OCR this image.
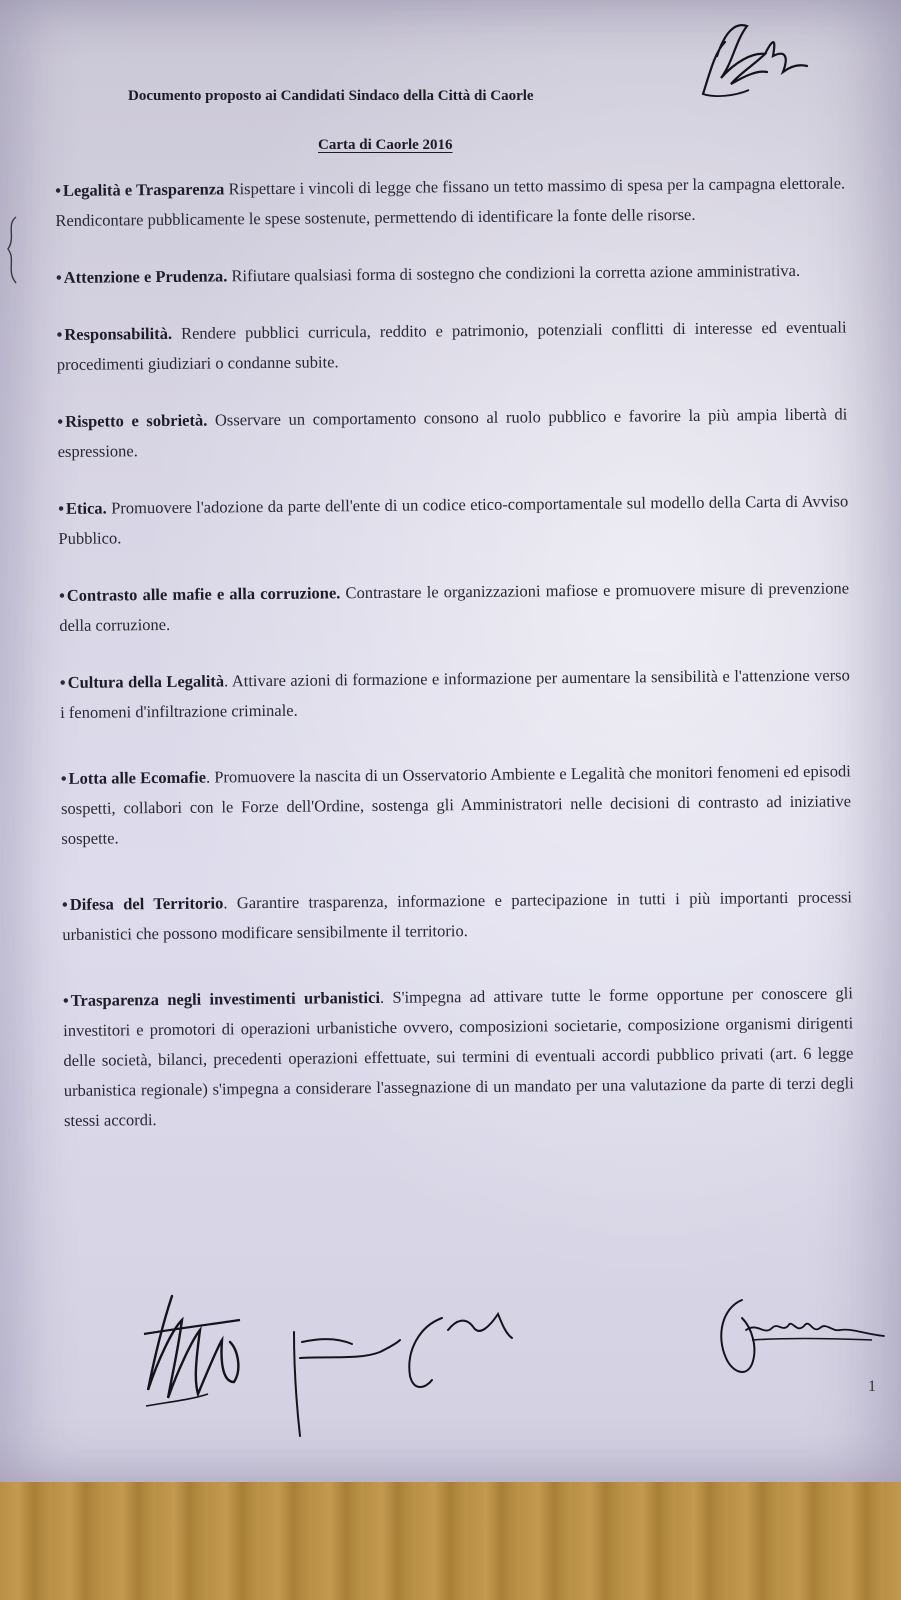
Documento proposto ai Candidati Sindaco della Città di Caorle
Carta di Caorle 2016

• Legalità e Trasparenza Rispettare i vincoli di legge che fissano un tetto massimo di spesa per la campagna elettorale. Rendicontare pubblicamente le spese sostenute, permettendo di identificare la fonte delle risorse.

• Attenzione e Prudenza. Rifiutare qualsiasi forma di sostegno che condizioni la corretta azione amministrativa.

• Responsabilità. Rendere pubblici curricula, reddito e patrimonio, potenziali conflitti di interesse ed eventuali procedimenti giudiziari o condanne subite.

• Rispetto e sobrietà. Osservare un comportamento consono al ruolo pubblico e favorire la più ampia libertà di espressione.

• Etica. Promuovere l'adozione da parte dell'ente di un codice etico-comportamentale sul modello della Carta di Avviso Pubblico.

• Contrasto alle mafie e alla corruzione. Contrastare le organizzazioni mafiose e promuovere misure di prevenzione della corruzione.

• Cultura della Legalità. Attivare azioni di formazione e informazione per aumentare la sensibilità e l'attenzione verso i fenomeni d'infiltrazione criminale.

• Lotta alle Ecomafie. Promuovere la nascita di un Osservatorio Ambiente e Legalità che monitori fenomeni ed episodi sospetti, collabori con le Forze dell'Ordine, sostenga gli Amministratori nelle decisioni di contrasto ad iniziative sospette.

• Difesa del Territorio. Garantire trasparenza, informazione e partecipazione in tutti i più importanti processi urbanistici che possono modificare sensibilmente il territorio.

• Trasparenza negli investimenti urbanistici. S'impegna ad attivare tutte le forme opportune per conoscere gli investitori e promotori di operazioni urbanistiche ovvero, composizioni societarie, composizione organismi dirigenti delle società, bilanci, precedenti operazioni effettuate, sui termini di eventuali accordi pubblico privati (art. 6 legge urbanistica regionale) s'impegna a considerare l'assegnazione di un mandato per una valutazione da parte di terzi degli stessi accordi.

1
